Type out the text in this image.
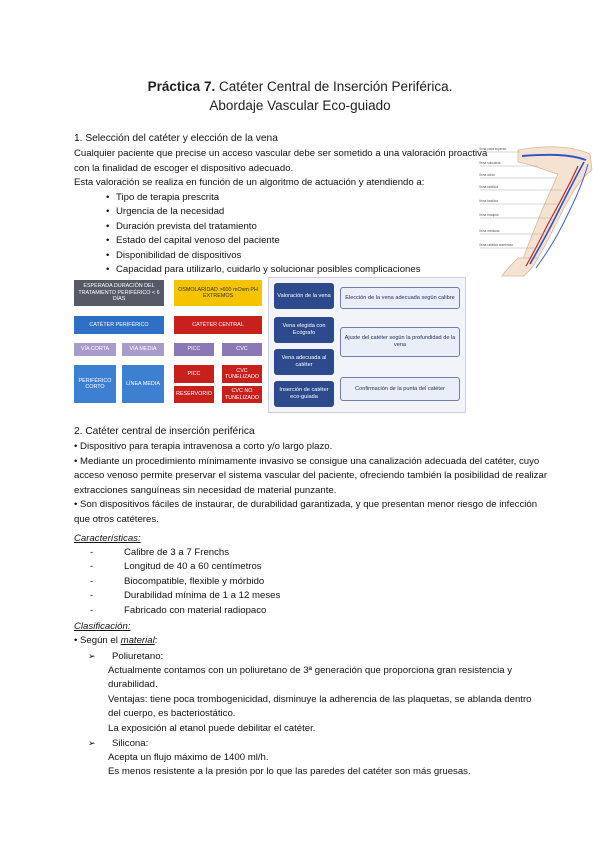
Práctica 7. Catéter Central de Inserción Periférica.
Abordaje Vascular Eco-guiado
1. Selección del catéter y elección de la vena
Cualquier paciente que precise un acceso vascular debe ser sometido a una valoración proactiva
con la finalidad de escoger el dispositivo adecuado.
Esta valoración se realiza en función de un algoritmo de actuación y atendiendo a:
• Tipo de terapia prescrita
• Urgencia de la necesidad
• Duración prevista del tratamiento
• Estado del capital venoso del paciente
• Disponibilidad de dispositivos
• Capacidad para utilizarlo, cuidarlo y solucionar posibles complicaciones
Vena cava superior
Vena subclavia
Vena axilar
Vena cefálica
Vena basílica
Vena braquial
Vena mediana
Vena cefálica antebrazo
ESPERADA DURACIÓN DEL TRATAMIENTO PERIFÉRICO < 6 DÍAS
CATÉTER PERIFÉRICO
VÍA CORTA	VÍA MEDIA
PERIFÉRICO CORTO
LÍNEA MEDIA
OSMOLARIDAD >600 mOsm PH EXTREMOS
CATÉTER CENTRAL
PICC	CVC
PICC
CVC TUNELIZADO
RESERVORIO
CVC NO TUNELIZADO
Valoración de la vena
Vena elegida con Ecógrafo
Vena adecuada al catéter
Inserción de catéter eco-guiada
Elección de la vena adecuada según calibre
Ajuste del catéter según la profundidad de la vena
Confirmación de la punta del catéter
2. Catéter central de inserción periférica
• Dispositivo para terapia intravenosa a corto y/o largo plazo.
• Mediante un procedimiento mínimamente invasivo se consigue una canalización adecuada del catéter, cuyo
acceso venoso permite preservar el sistema vascular del paciente, ofreciendo también la posibilidad de realizar
extracciones sanguíneas sin necesidad de material punzante.
• Son dispositivos fáciles de instaurar, de durabilidad garantizada, y que presentan menor riesgo de infección
que otros catéteres.
Características:
- Calibre de 3 a 7 Frenchs
- Longitud de 40 a 60 centímetros
- Biocompatible, flexible y mórbido
- Durabilidad mínima de 1 a 12 meses
- Fabricado con material radiopaco
Clasificación:
• Según el material:
➢ Poliuretano:
Actualmente contamos con un poliuretano de 3ª generación que proporciona gran resistencia y
durabilidad.
Ventajas: tiene poca trombogenicidad, disminuye la adherencia de las plaquetas, se ablanda dentro
del cuerpo, es bacteriostático.
La exposición al etanol puede debilitar el catéter.
➢ Silicona:
Acepta un flujo máximo de 1400 ml/h.
Es menos resistente a la presión por lo que las paredes del catéter son más gruesas.
